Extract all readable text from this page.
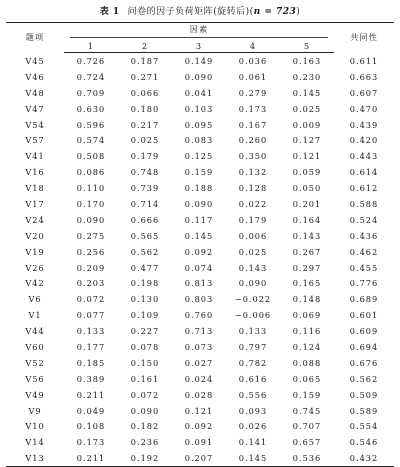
表 1 问卷的因子负荷矩阵(旋转后)(n = 723)
题项	因素					共同性
	1	2	3	4	5	
V45	0.726	0.187	0.149	0.036	0.163	0.611
V46	0.724	0.271	0.090	0.061	0.230	0.663
V48	0.709	0.066	0.041	0.279	0.145	0.607
V47	0.630	0.180	0.103	0.173	0.025	0.470
V54	0.596	0.217	0.095	0.167	0.009	0.439
V57	0.574	0.025	0.083	0.260	0.127	0.420
V41	0.508	0.179	0.125	0.350	0.121	0.443
V16	0.086	0.748	0.159	0.132	0.059	0.614
V18	0.110	0.739	0.188	0.128	0.050	0.612
V17	0.170	0.714	0.090	0.022	0.201	0.588
V24	0.090	0.666	0.117	0.179	0.164	0.524
V20	0.275	0.565	0.145	0.006	0.143	0.436
V19	0.256	0.562	0.092	0.025	0.267	0.462
V26	0.209	0.477	0.074	0.143	0.297	0.455
V42	0.203	0.198	0.813	0.090	0.165	0.776
V6	0.072	0.130	0.803	−0.022	0.148	0.689
V1	0.077	0.109	0.760	−0.006	0.069	0.601
V44	0.133	0.227	0.713	0.133	0.116	0.609
V60	0.177	0.078	0.073	0.797	0.124	0.694
V52	0.185	0.150	0.027	0.782	0.088	0.676
V56	0.389	0.161	0.024	0.616	0.065	0.562
V49	0.211	0.072	0.028	0.556	0.159	0.509
V9	0.049	0.090	0.121	0.093	0.745	0.589
V10	0.108	0.182	0.092	0.026	0.707	0.554
V14	0.173	0.236	0.091	0.141	0.657	0.546
V13	0.211	0.192	0.207	0.145	0.536	0.432
